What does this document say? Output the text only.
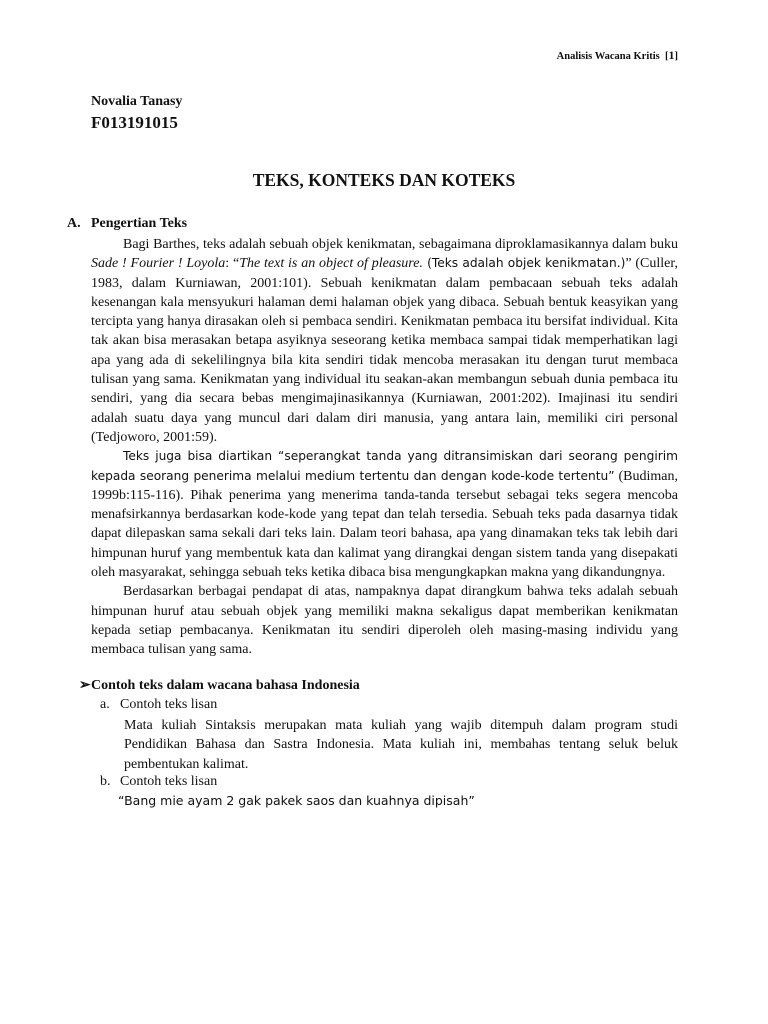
Analisis Wacana Kritis  [1]
Novalia Tanasy
F013191015
TEKS, KONTEKS DAN KOTEKS
A. Pengertian Teks

Bagi Barthes, teks adalah sebuah objek kenikmatan, sebagaimana diproklamasikannya dalam buku Sade ! Fourier ! Loyola: “The text is an object of pleasure. (Teks adalah objek kenikmatan.)” (Culler, 1983, dalam Kurniawan, 2001:101). Sebuah kenikmatan dalam pembacaan sebuah teks adalah kesenangan kala mensyukuri halaman demi halaman objek yang dibaca. Sebuah bentuk keasyikan yang tercipta yang hanya dirasakan oleh si pembaca sendiri. Kenikmatan pembaca itu bersifat individual. Kita tak akan bisa merasakan betapa asyiknya seseorang ketika membaca sampai tidak memperhatikan lagi apa yang ada di sekelilingnya bila kita sendiri tidak mencoba merasakan itu dengan turut membaca tulisan yang sama. Kenikmatan yang individual itu seakan-akan membangun sebuah dunia pembaca itu sendiri, yang dia secara bebas mengimajinasikannya (Kurniawan, 2001:202). Imajinasi itu sendiri adalah suatu daya yang muncul dari dalam diri manusia, yang antara lain, memiliki ciri personal (Tedjoworo, 2001:59).

Teks juga bisa diartikan “seperangkat tanda yang ditransimiskan dari seorang pengirim kepada seorang penerima melalui medium tertentu dan dengan kode-kode tertentu” (Budiman, 1999b:115-116). Pihak penerima yang menerima tanda-tanda tersebut sebagai teks segera mencoba menafsirkannya berdasarkan kode-kode yang tepat dan telah tersedia. Sebuah teks pada dasarnya tidak dapat dilepaskan sama sekali dari teks lain. Dalam teori bahasa, apa yang dinamakan teks tak lebih dari himpunan huruf yang membentuk kata dan kalimat yang dirangkai dengan sistem tanda yang disepakati oleh masyarakat, sehingga sebuah teks ketika dibaca bisa mengungkapkan makna yang dikandungnya.

Berdasarkan berbagai pendapat di atas, nampaknya dapat dirangkum bahwa teks adalah sebuah himpunan huruf atau sebuah objek yang memiliki makna sekaligus dapat memberikan kenikmatan kepada setiap pembacanya. Kenikmatan itu sendiri diperoleh oleh masing-masing individu yang membaca tulisan yang sama.

➢Contoh teks dalam wacana bahasa Indonesia
a. Contoh teks lisan
Mata kuliah Sintaksis merupakan mata kuliah yang wajib ditempuh dalam program studi Pendidikan Bahasa dan Sastra Indonesia. Mata kuliah ini, membahas tentang seluk beluk pembentukan kalimat.
b. Contoh teks lisan
“Bang mie ayam 2 gak pakek saos dan kuahnya dipisah”
